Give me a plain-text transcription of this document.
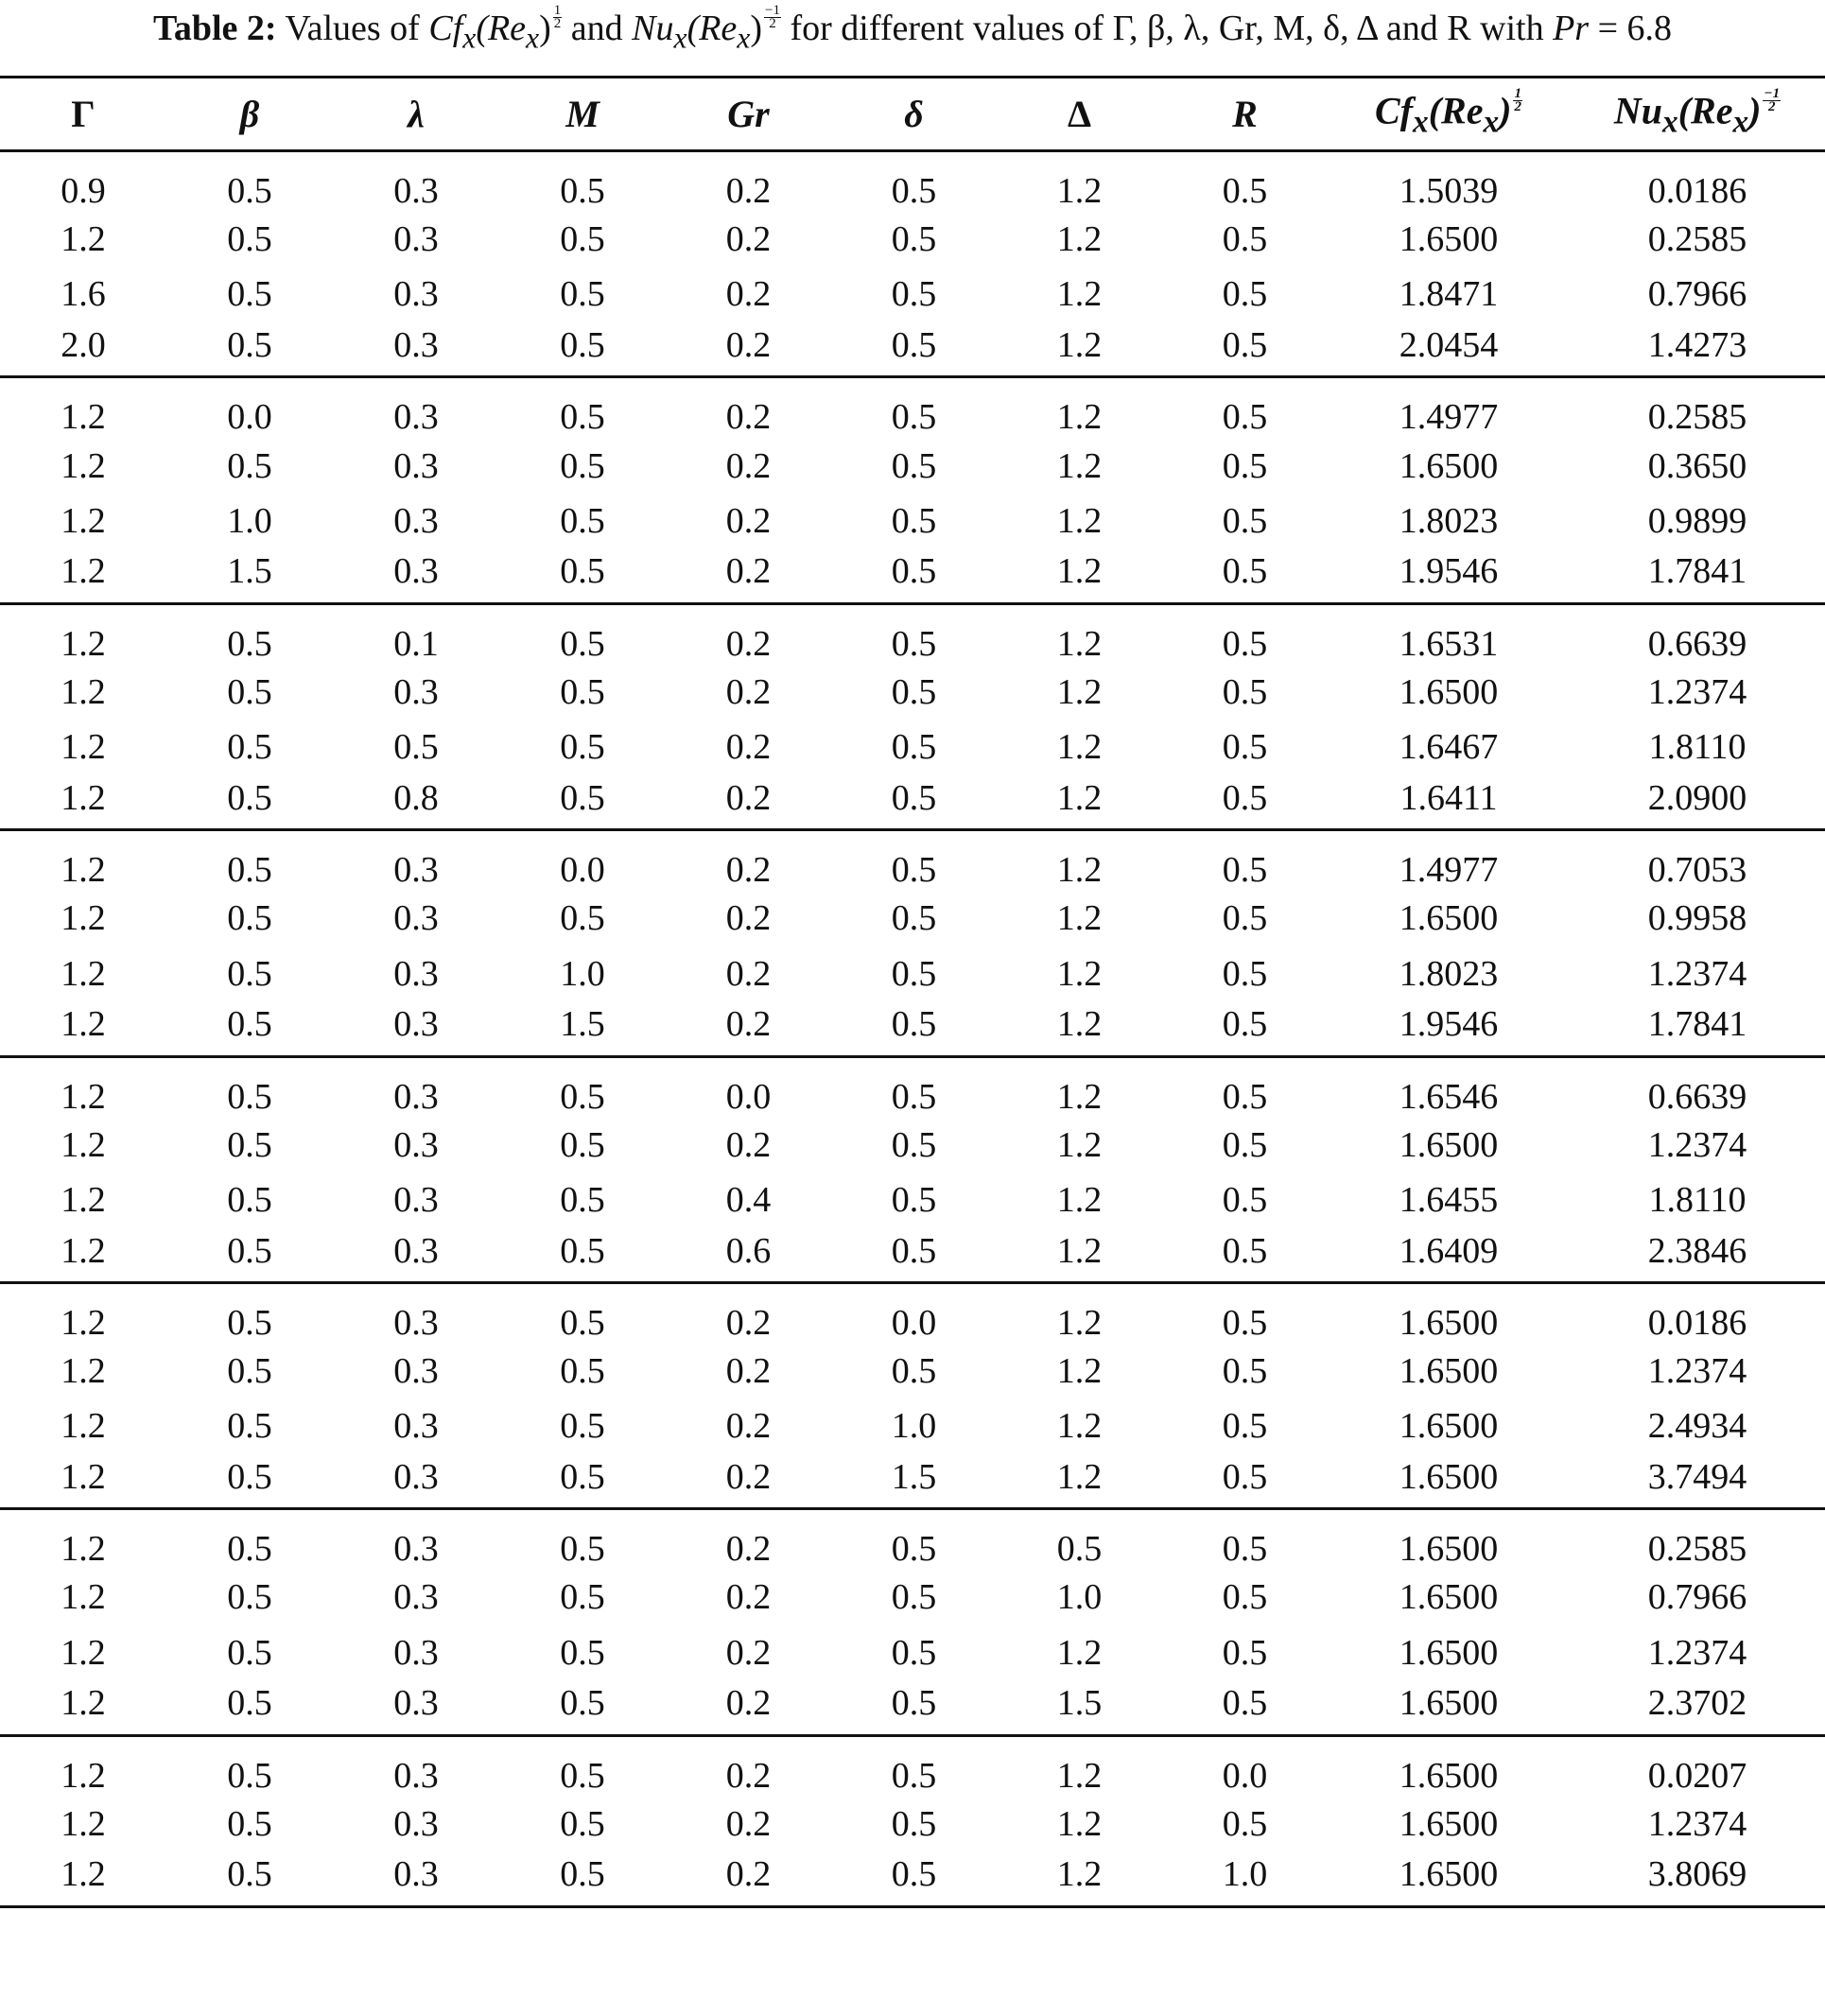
Table 2: Values of $Cf_x(Re_x) \frac{1}{2}$ and $Nu_x(Re_x) \frac{-1}{2}$ for different values of Γ, β, λ, Gr, M, δ, Δ and R with Pr = 6.8
Γ	β	λ	M	Gr	δ	Δ	R	$Cf_x(Re_x) \frac{1}{2}$	$Nu_x(Re_x) \frac{-1}{2}$

0.9	0.5	0.3	0.5	0.2	0.5	1.2	0.5	1.5039	0.0186
1.2	0.5	0.3	0.5	0.2	0.5	1.2	0.5	1.6500	0.2585
1.6	0.5	0.3	0.5	0.2	0.5	1.2	0.5	1.8471	0.7966
2.0	0.5	0.3	0.5	0.2	0.5	1.2	0.5	2.0454	1.4273
1.2	0.0	0.3	0.5	0.2	0.5	1.2	0.5	1.4977	0.2585
1.2	0.5	0.3	0.5	0.2	0.5	1.2	0.5	1.6500	0.3650
1.2	1.0	0.3	0.5	0.2	0.5	1.2	0.5	1.8023	0.9899
1.2	1.5	0.3	0.5	0.2	0.5	1.2	0.5	1.9546	1.7841
1.2	0.5	0.1	0.5	0.2	0.5	1.2	0.5	1.6531	0.6639
1.2	0.5	0.3	0.5	0.2	0.5	1.2	0.5	1.6500	1.2374
1.2	0.5	0.5	0.5	0.2	0.5	1.2	0.5	1.6467	1.8110
1.2	0.5	0.8	0.5	0.2	0.5	1.2	0.5	1.6411	2.0900
1.2	0.5	0.3	0.0	0.2	0.5	1.2	0.5	1.4977	0.7053
1.2	0.5	0.3	0.5	0.2	0.5	1.2	0.5	1.6500	0.9958
1.2	0.5	0.3	1.0	0.2	0.5	1.2	0.5	1.8023	1.2374
1.2	0.5	0.3	1.5	0.2	0.5	1.2	0.5	1.9546	1.7841
1.2	0.5	0.3	0.5	0.0	0.5	1.2	0.5	1.6546	0.6639
1.2	0.5	0.3	0.5	0.2	0.5	1.2	0.5	1.6500	1.2374
1.2	0.5	0.3	0.5	0.4	0.5	1.2	0.5	1.6455	1.8110
1.2	0.5	0.3	0.5	0.6	0.5	1.2	0.5	1.6409	2.3846
1.2	0.5	0.3	0.5	0.2	0.0	1.2	0.5	1.6500	0.0186
1.2	0.5	0.3	0.5	0.2	0.5	1.2	0.5	1.6500	1.2374
1.2	0.5	0.3	0.5	0.2	1.0	1.2	0.5	1.6500	2.4934
1.2	0.5	0.3	0.5	0.2	1.5	1.2	0.5	1.6500	3.7494
1.2	0.5	0.3	0.5	0.2	0.5	0.5	0.5	1.6500	0.2585
1.2	0.5	0.3	0.5	0.2	0.5	1.0	0.5	1.6500	0.7966
1.2	0.5	0.3	0.5	0.2	0.5	1.2	0.5	1.6500	1.2374
1.2	0.5	0.3	0.5	0.2	0.5	1.5	0.5	1.6500	2.3702
1.2	0.5	0.3	0.5	0.2	0.5	1.2	0.0	1.6500	0.0207
1.2	0.5	0.3	0.5	0.2	0.5	1.2	0.5	1.6500	1.2374
1.2	0.5	0.3	0.5	0.2	0.5	1.2	1.0	1.6500	3.8069
